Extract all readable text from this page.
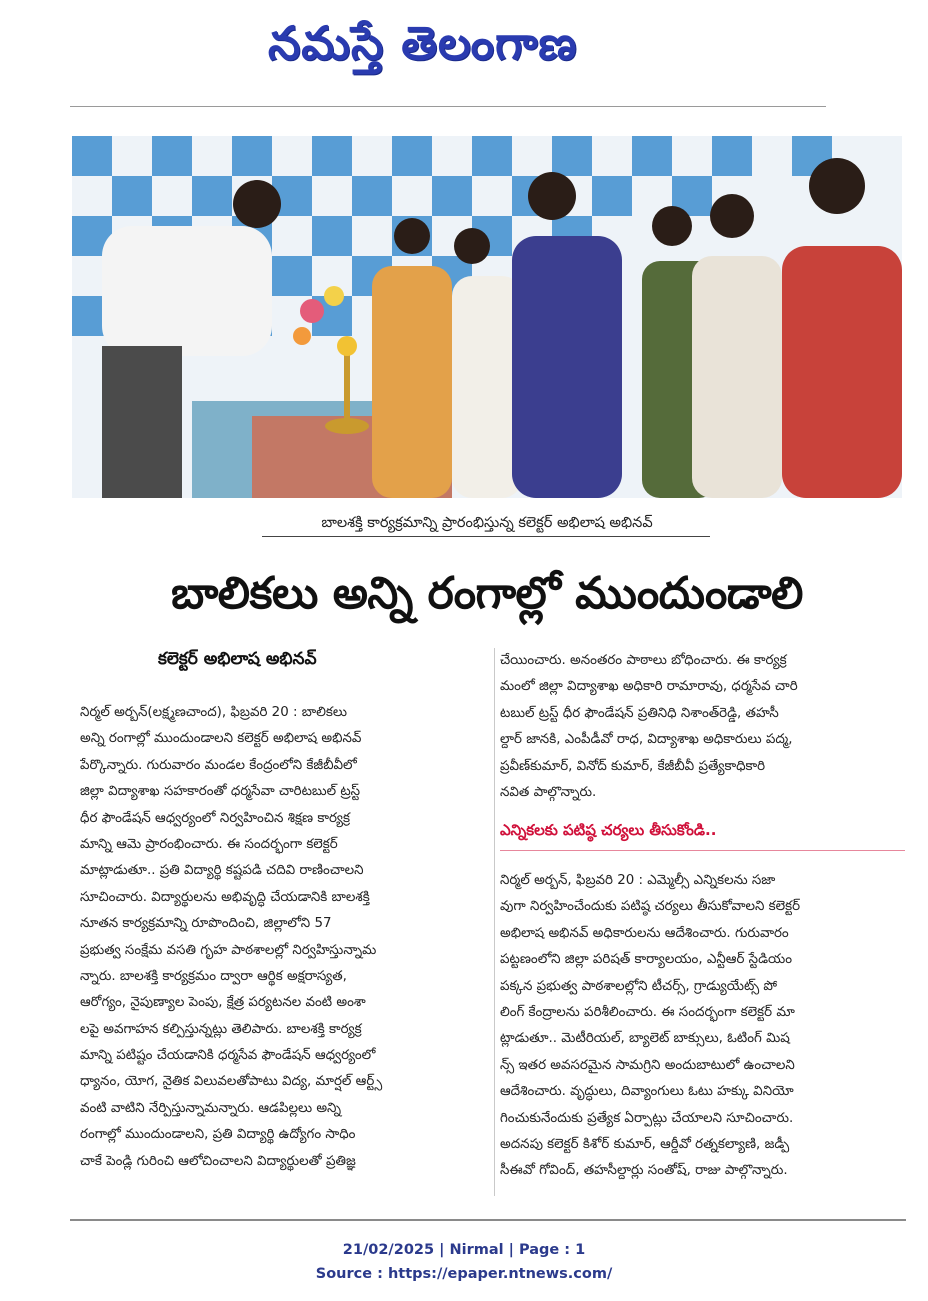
నమస్తే తెలంగాణ
బాలశక్తి కార్యక్రమాన్ని ప్రారంభిస్తున్న కలెక్టర్ అభిలాష అభినవ్
బాలికలు అన్ని రంగాల్లో ముందుండాలి
కలెక్టర్ అభిలాష అభినవ్
నిర్మల్ అర్బన్(లక్ష్మణచాంద), ఫిబ్రవరి 20 : బాలికలు
అన్ని రంగాల్లో ముందుండాలని కలెక్టర్ అభిలాష అభినవ్
పేర్కొన్నారు. గురువారం మండల కేంద్రంలోని కేజీబీవీలో
జిల్లా విద్యాశాఖ సహకారంతో ధర్మసేవా చారిటబుల్ ట్రస్ట్
ధీర ఫౌండేషన్ ఆధ్వర్యంలో నిర్వహించిన శిక్షణ కార్యక్ర
మాన్ని ఆమె ప్రారంభించారు. ఈ సందర్భంగా కలెక్టర్
మాట్లాడుతూ.. ప్రతి విద్యార్థి కష్టపడి చదివి రాణించాలని
సూచించారు. విద్యార్థులను అభివృద్ధి చేయడానికి బాలశక్తి
నూతన కార్యక్రమాన్ని రూపొందించి, జిల్లాలోని 57
ప్రభుత్వ సంక్షేమ వసతి గృహ పాఠశాలల్లో నిర్వహిస్తున్నామ
న్నారు. బాలశక్తి కార్యక్రమం ద్వారా ఆర్థిక అక్షరాస్యత,
ఆరోగ్యం, నైపుణ్యాల పెంపు, క్షేత్ర పర్యటనల వంటి అంశా
లపై అవగాహన కల్పిస్తున్నట్లు తెలిపారు. బాలశక్తి కార్యక్ర
మాన్ని పటిష్టం చేయడానికి ధర్మసేవ ఫౌండేషన్ ఆధ్వర్యంలో
ధ్యానం, యోగ, నైతిక విలువలతోపాటు విద్య, మార్షల్ ఆర్ట్స్
వంటి వాటిని నేర్పిస్తున్నామన్నారు. ఆడపిల్లలు అన్ని
రంగాల్లో ముందుండాలని, ప్రతి విద్యార్థి ఉద్యోగం సాధిం
చాకే పెండ్లి గురించి ఆలోచించాలని విద్యార్థులతో ప్రతిజ్ఞ
చేయించారు. అనంతరం పాఠాలు బోధించారు. ఈ కార్యక్ర
మంలో జిల్లా విద్యాశాఖ అధికారి రామారావు, ధర్మసేవ చారి
టబుల్ ట్రస్ట్ ధీర ఫౌండేషన్ ప్రతినిధి నిశాంత్‌రెడ్డి, తహసీ
ల్దార్ జానకి, ఎంపీడీవో రాధ, విద్యాశాఖ అధికారులు పద్మ,
ప్రవీణ్‌కుమార్, వినోద్ కుమార్, కేజీబీవీ ప్రత్యేకాధికారి
నవిత పాల్గొన్నారు.
ఎన్నికలకు పటిష్ఠ చర్యలు తీసుకోండి..
నిర్మల్ అర్బన్, ఫిబ్రవరి 20 : ఎమ్మెల్సీ ఎన్నికలను సజా
వుగా నిర్వహించేందుకు పటిష్ఠ చర్యలు తీసుకోవాలని కలెక్టర్
అభిలాష అభినవ్ అధికారులను ఆదేశించారు. గురువారం
పట్టణంలోని జిల్లా పరిషత్ కార్యాలయం, ఎన్టీఆర్ స్టేడియం
పక్కన ప్రభుత్వ పాఠశాలల్లోని టీచర్స్, గ్రాడ్యుయేట్స్ పో
లింగ్ కేంద్రాలను పరిశీలించారు. ఈ సందర్భంగా కలెక్టర్ మా
ట్లాడుతూ.. మెటీరియల్, బ్యాలెట్ బాక్సులు, ఓటింగ్ మిష
న్స్ ఇతర అవసరమైన సామగ్రిని అందుబాటులో ఉంచాలని
ఆదేశించారు. వృద్ధులు, దివ్యాంగులు ఓటు హక్కు వినియో
గించుకునేందుకు ప్రత్యేక ఏర్పాట్లు చేయాలని సూచించారు.
అదనపు కలెక్టర్ కిశోర్ కుమార్, ఆర్డీవో రత్నకల్యాణి, జడ్పీ
సీఈవో గోవింద్, తహసీల్దార్లు సంతోష్, రాజు పాల్గొన్నారు.
21/02/2025 | Nirmal | Page : 1
Source : https://epaper.ntnews.com/
